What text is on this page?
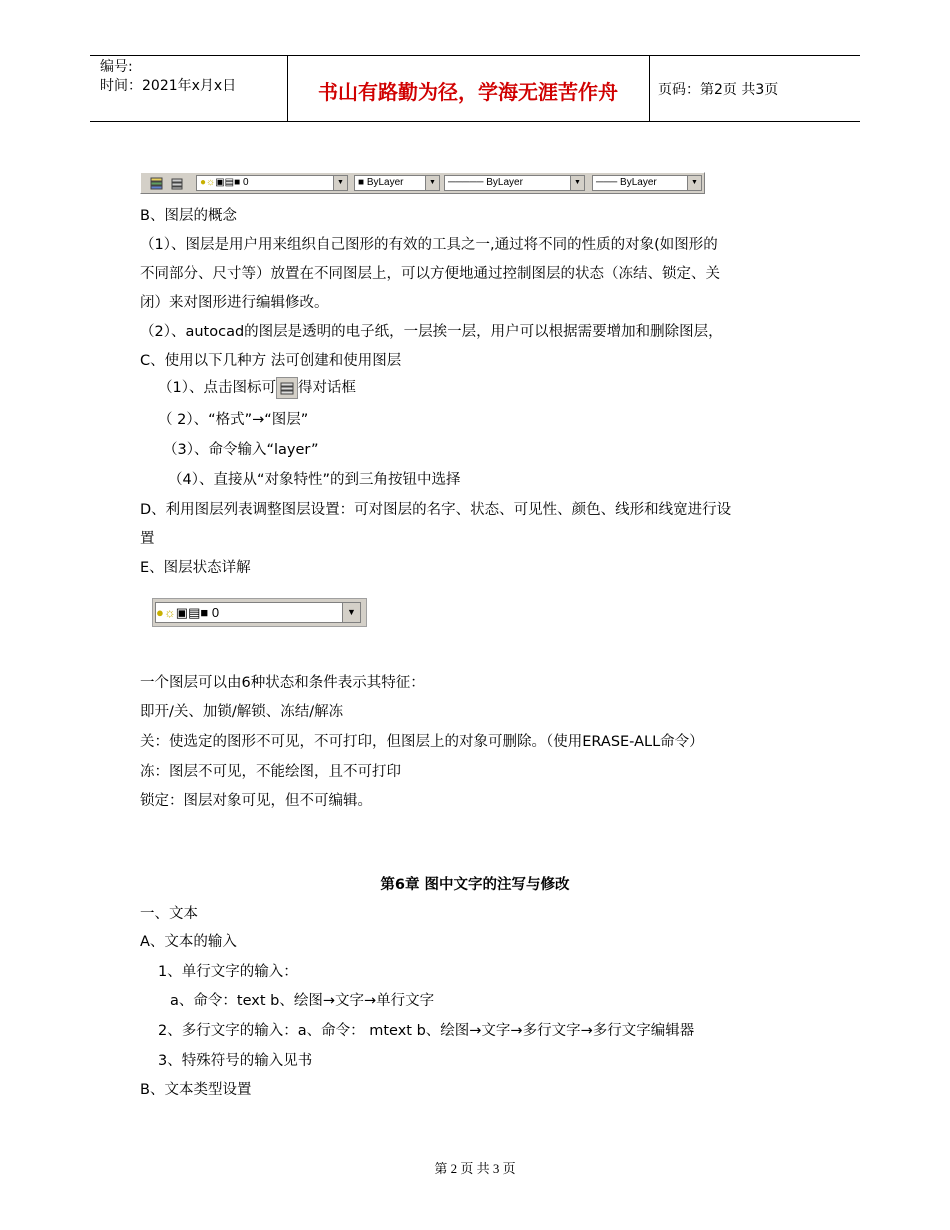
编号:
时间：2021年x月x日	书山有路勤为径，学海无涯苦作舟	页码：第2页 共3页
●☼▣▤■ 0	▼	■ ByLayer	▼	───── ByLayer	▼	─── ByLayer	▼
B、图层的概念
（1）、图层是用户用来组织自己图形的有效的工具之一,通过将不同的性质的对象(如图形的
不同部分、尺寸等）放置在不同图层上，可以方便地通过控制图层的状态（冻结、锁定、关
闭）来对图形进行编辑修改。
（2）、autocad的图层是透明的电子纸，一层挨一层，用户可以根据需要增加和删除图层，
C、使用以下几种方 法可创建和使用图层
（1）、点击图标可 得对话框
（ 2）、“格式”→“图层”
（3）、命令输入“layer”
（4）、直接从“对象特性”的到三角按钮中选择
D、利用图层列表调整图层设置：可对图层的名字、状态、可见性、颜色、线形和线宽进行设
置
E、图层状态详解
●☼▣▤■ 0	▼
一个图层可以由6种状态和条件表示其特征：
即开/关、加锁/解锁、冻结/解冻
关：使选定的图形不可见，不可打印，但图层上的对象可删除。（使用ERASE-ALL命令）
冻：图层不可见，不能绘图，且不可打印
锁定：图层对象可见，但不可编辑。
第6章 图中文字的注写与修改
一、文本
A、文本的输入
1、单行文字的输入：
a、命令：text b、绘图→文字→单行文字
2、多行文字的输入：a、命令： mtext b、绘图→文字→多行文字→多行文字编辑器
3、特殊符号的输入见书
B、文本类型设置
第 2 页 共 3 页
